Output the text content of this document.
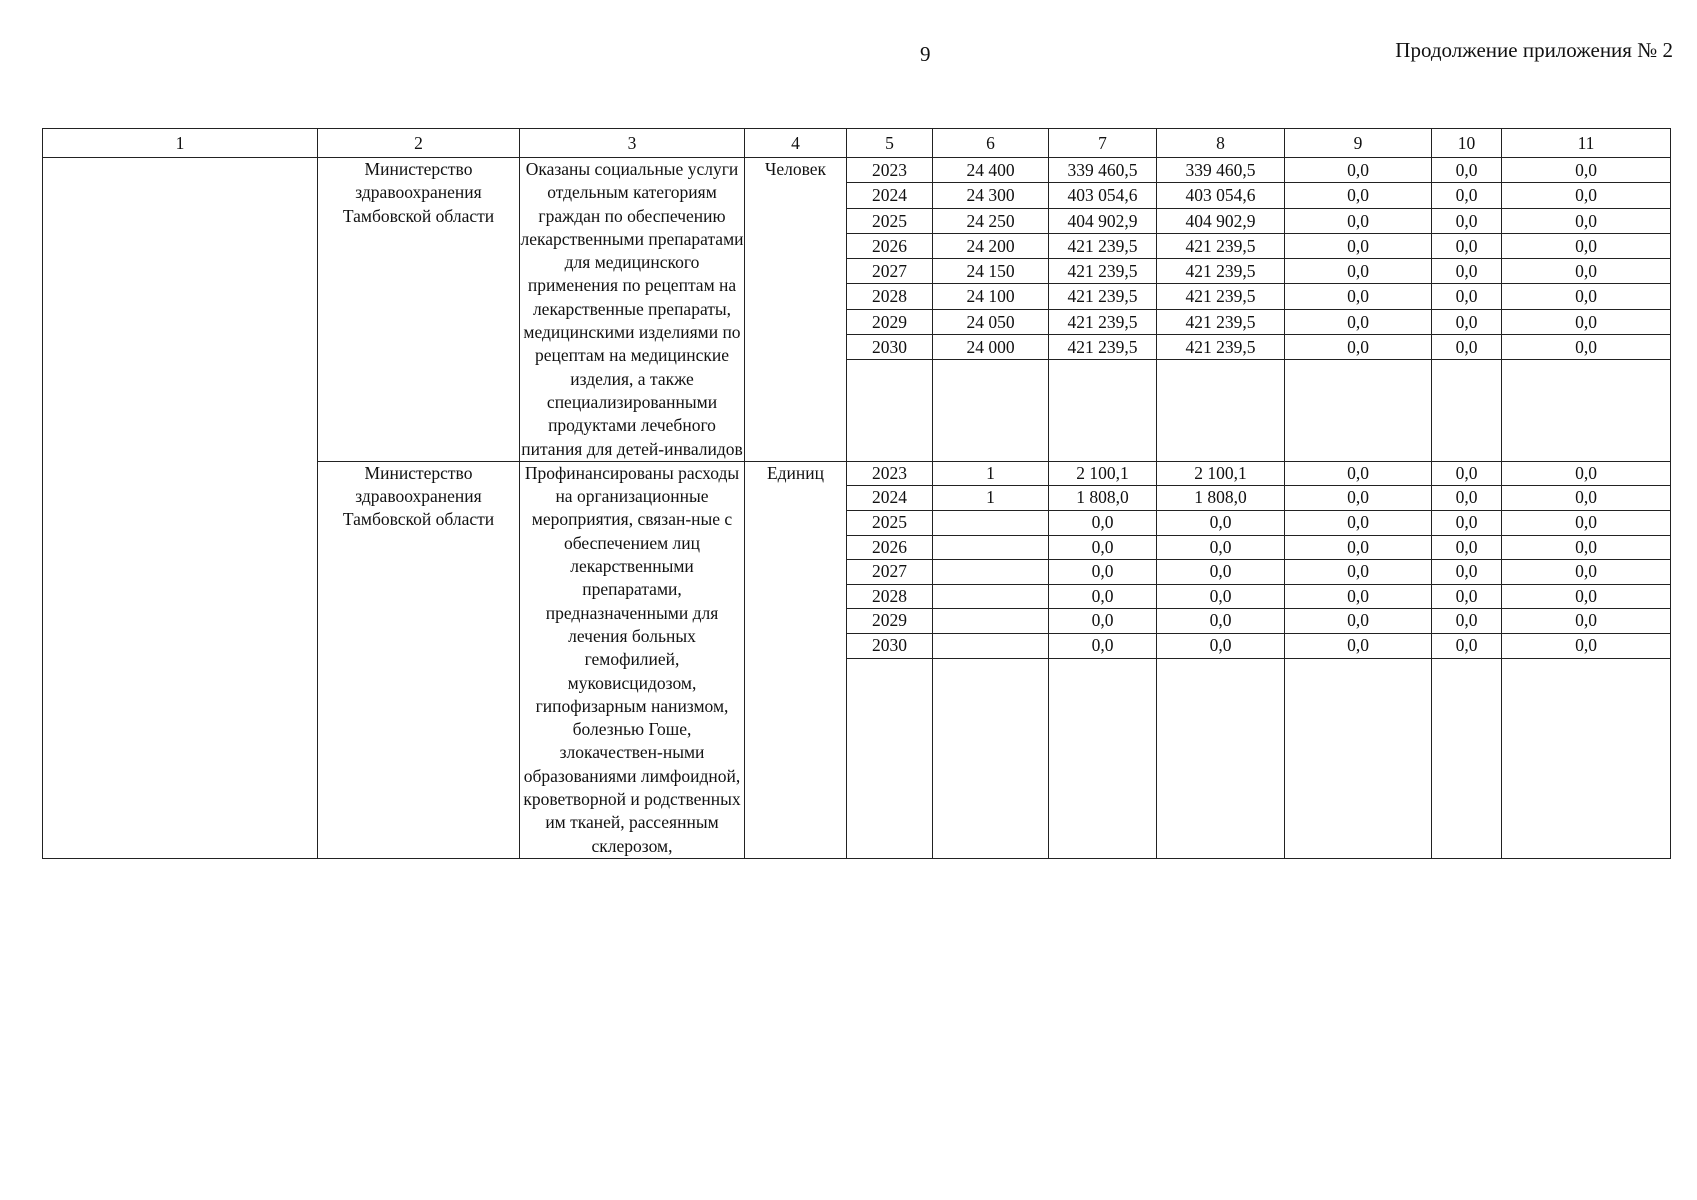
9	Продолжение приложения № 2
1	2	3	4	5	6	7	8	9	10	11
	Министерство здравоохранения Тамбовской области	Оказаны социальные услуги отдельным категориям граждан по обеспечению лекарственными препаратами для медицинского применения по рецептам на лекарственные препараты, медицинскими изделиями по рецептам на медицинские изделия, а также специализированными продуктами лечебного питания для детей-инвалидов	Человек	2023	24 400	339 460,5	339 460,5	0,0	0,0	0,0
				2024	24 300	403 054,6	403 054,6	0,0	0,0	0,0
				2025	24 250	404 902,9	404 902,9	0,0	0,0	0,0
				2026	24 200	421 239,5	421 239,5	0,0	0,0	0,0
				2027	24 150	421 239,5	421 239,5	0,0	0,0	0,0
				2028	24 100	421 239,5	421 239,5	0,0	0,0	0,0
				2029	24 050	421 239,5	421 239,5	0,0	0,0	0,0
				2030	24 000	421 239,5	421 239,5	0,0	0,0	0,0

	Министерство здравоохранения Тамбовской области	Профинансированы расходы на организационные мероприятия, связан-ные с обеспечением лиц лекарственными препаратами, предназначенными для лечения больных гемофилией, муковисцидозом, гипофизарным нанизмом, болезнью Гоше, злокачествен-ными образованиями лимфоидной, кроветворной и родственных им тканей, рассеянным склерозом,	Единиц	2023	1	2 100,1	2 100,1	0,0	0,0	0,0
				2024	1	1 808,0	1 808,0	0,0	0,0	0,0
				2025		0,0	0,0	0,0	0,0	0,0
				2026		0,0	0,0	0,0	0,0	0,0
				2027		0,0	0,0	0,0	0,0	0,0
				2028		0,0	0,0	0,0	0,0	0,0
				2029		0,0	0,0	0,0	0,0	0,0
				2030		0,0	0,0	0,0	0,0	0,0
